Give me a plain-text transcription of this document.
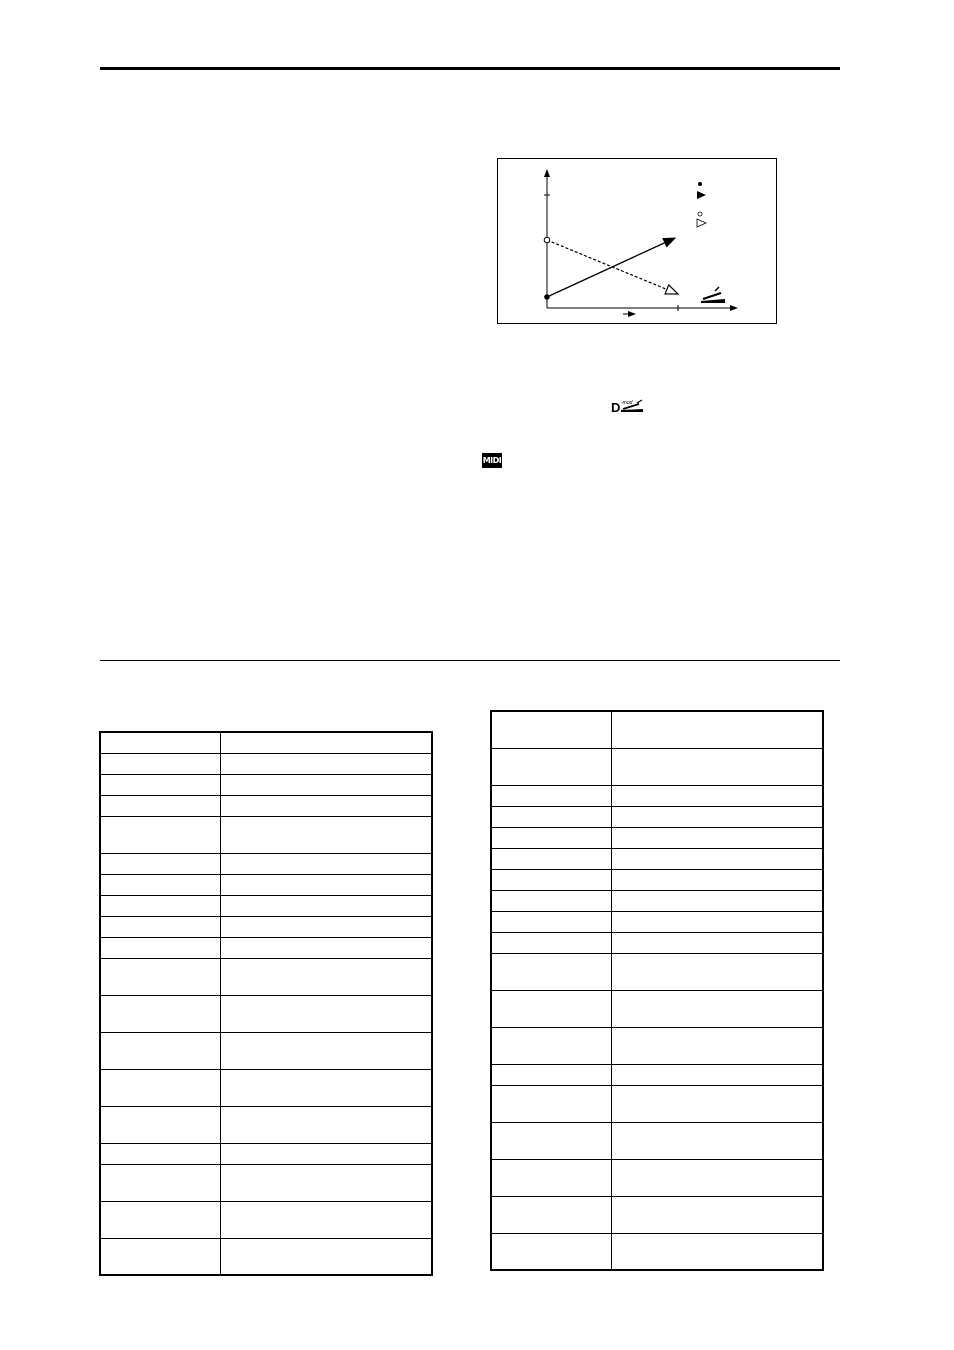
D -mod
MIDI
